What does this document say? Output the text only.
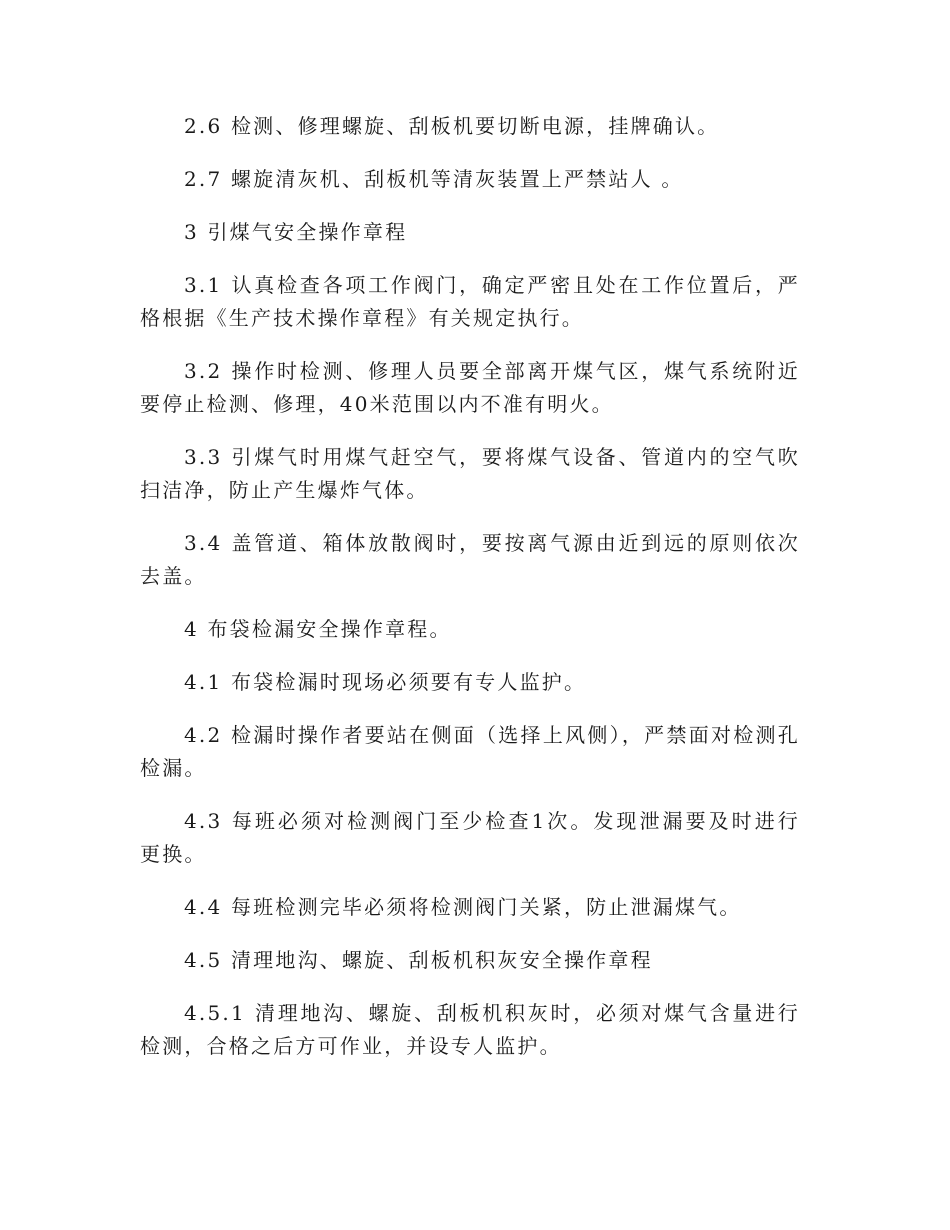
2.6 检测、修理螺旋、刮板机要切断电源，挂牌确认。

2.7 螺旋清灰机、刮板机等清灰装置上严禁站人 。

3 引煤气安全操作章程

3.1 认真检查各项工作阀门，确定严密且处在工作位置后，严格根据《生产技术操作章程》有关规定执行。

3.2 操作时检测、修理人员要全部离开煤气区，煤气系统附近要停止检测、修理，40米范围以内不准有明火。

3.3 引煤气时用煤气赶空气，要将煤气设备、管道内的空气吹扫洁净，防止产生爆炸气体。

3.4 盖管道、箱体放散阀时，要按离气源由近到远的原则依次去盖。

4 布袋检漏安全操作章程。

4.1 布袋检漏时现场必须要有专人监护。

4.2 检漏时操作者要站在侧面（选择上风侧），严禁面对检测孔检漏。

4.3 每班必须对检测阀门至少检查1次。发现泄漏要及时进行更换。

4.4 每班检测完毕必须将检测阀门关紧，防止泄漏煤气。

4.5 清理地沟、螺旋、刮板机积灰安全操作章程

4.5.1 清理地沟、螺旋、刮板机积灰时，必须对煤气含量进行检测，合格之后方可作业，并设专人监护。
